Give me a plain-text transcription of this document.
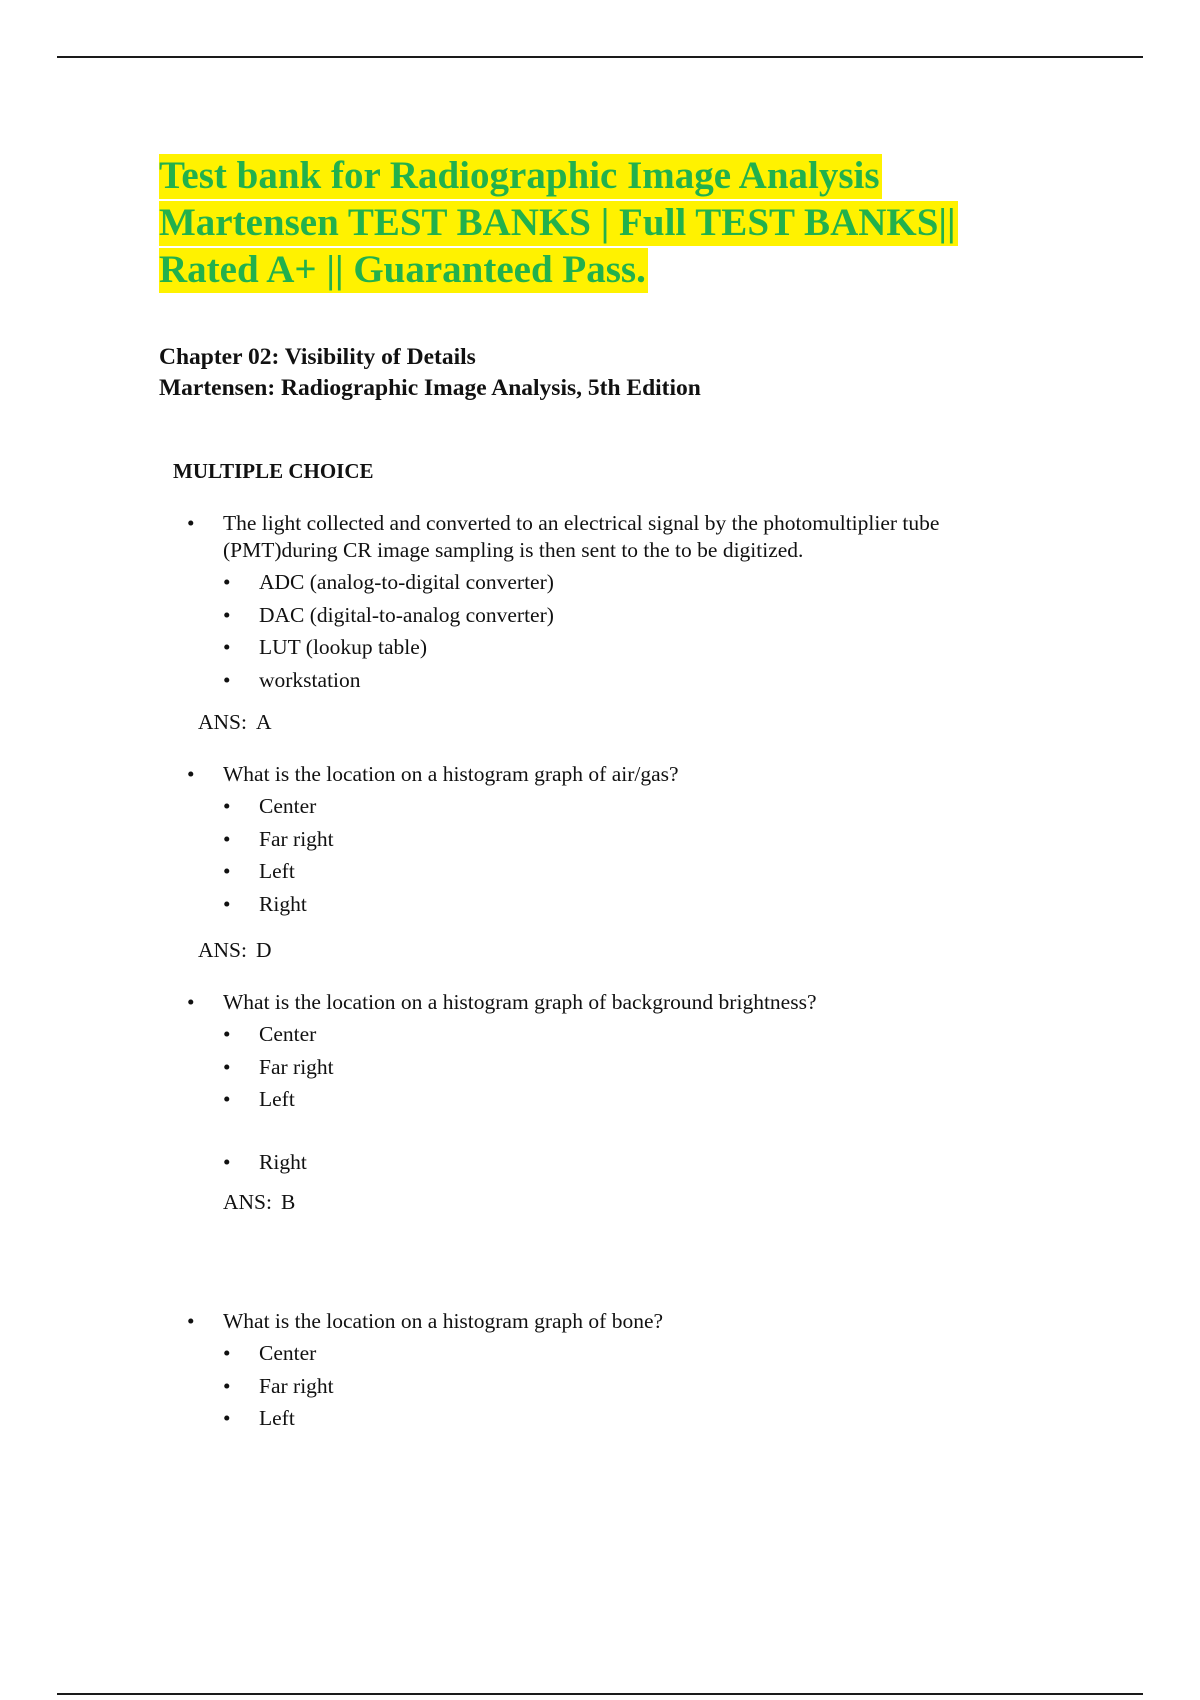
Test bank for Radiographic Image Analysis
Martensen TEST BANKS | Full TEST BANKS||
Rated A+ || Guaranteed Pass.
Chapter 02: Visibility of Details
Martensen: Radiographic Image Analysis, 5th Edition
MULTIPLE CHOICE
• The light collected and converted to an electrical signal by the photomultiplier tube
(PMT)during CR image sampling is then sent to the to be digitized.
• ADC (analog-to-digital converter)
• DAC (digital-to-analog converter)
• LUT (lookup table)
• workstation
ANS: A
• What is the location on a histogram graph of air/gas?
• Center
• Far right
• Left
• Right
ANS: D
• What is the location on a histogram graph of background brightness?
• Center
• Far right
• Left
• Right
ANS: B
• What is the location on a histogram graph of bone?
• Center
• Far right
• Left
